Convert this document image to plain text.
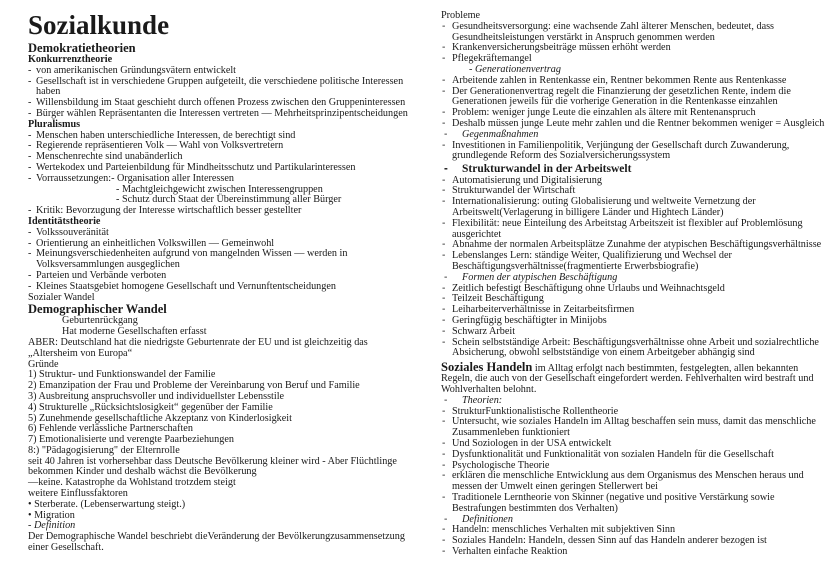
Sozialkunde
Demokratietheorien
Konkurrenztheorie
- von amerikanischen Gründungsvätern entwickelt
- Gesellschaft ist in verschiedene Gruppen aufgeteilt, die verschiedene politische Interessen
haben
- Willensbildung im Staat geschieht durch offenen Prozess zwischen den Gruppeninteressen
- Bürger wählen Repräsentanten die Interessen vertreten — Mehrheitsprinzipentscheidungen
Pluralismus
- Menschen haben unterschiedliche Interessen, de berechtigt sind
- Regierende repräsentieren Volk — Wahl von Volksvertretern
- Menschenrechte sind unabänderlich
- Wertekodex und Parteienbildung für Mindheitsschutz und Partikularinteressen
- Vorraussetzungen:- Organisation aller Interessen
- Machtgleichgewicht zwischen Interessengruppen
- Schutz durch Staat der Übereinstimmung aller Bürger
- Kritik: Bevorzugung der Interesse wirtschaftlich besser gestellter
Identitätstheorie
- Volkssouveränität
- Orientierung an einheitlichen Volkswillen — Gemeinwohl
- Meinungsverschiedenheiten aufgrund von mangelnden Wissen — werden in
Volksversammlungen ausgeglichen
- Parteien und Verbände verboten
- Kleines Staatsgebiet homogene Gesellschaft und Vernunftentscheidungen
Sozialer Wandel
Demographischer Wandel
Geburtenrückgang
Hat moderne Gesellschaften erfasst
ABER: Deutschland hat die niedrigste Geburtenrate der EU und ist gleichzeitig das
„Altersheim von Europa“
Gründe
1) Struktur- und Funktionswandel der Familie
2) Emanzipation der Frau und Probleme der Vereinbarung von Beruf und Familie
3) Ausbreitung anspruchsvoller und individuellster Lebensstile
4) Strukturelle „Rücksichtslosigkeit“ gegenüber der Familie
5) Zunehmende gesellschaftliche Akzeptanz von Kinderlosigkeit
6) Fehlende verlässliche Partnerschaften
7) Emotionalisierte und verengte Paarbeziehungen
8:) "Pädagogisierung" der Elternrolle
seit 40 Jahren ist vorhersehbar dass Deutsche Bevölkerung kleiner wird - Aber Flüchtlinge
bekommen Kinder und deshalb wächst die Bevölkerung
—keine. Katastrophe da Wohlstand trotzdem steigt
weitere Einflussfaktoren
• Sterberate. (Lebenserwartung steigt.)
• Migration
- Definition
Der Demographische Wandel beschriebt dieVeränderung der Bevölkerungzusammensetzung
einer Gesellschaft.
Probleme
- Gesundheitsversorgung: eine wachsende Zahl älterer Menschen, bedeutet, dass
Gesundheitsleistungen verstärkt in Anspruch genommen werden
- Krankenversicherungsbeiträge müssen erhöht werden
- Pflegekräftemangel
- Generationenvertrag
- Arbeitende zahlen in Rentenkasse ein, Rentner bekommen Rente aus Rentenkasse
- Der Generationenvertrag regelt die Finanzierung der gesetzlichen Rente, indem die
Generationen jeweils für die vorherige Generation in die Rentenkasse einzahlen
- Problem: weniger junge Leute die einzahlen als ältere mit Rentenanspruch
- Deshalb müssen junge Leute mehr zahlen und die Rentner bekommen weniger = Ausgleich
- Gegenmaßnahmen
- Investitionen in Familienpolitik, Verjüngung der Gesellschaft durch Zuwanderung,
grundlegende Reform des Sozialversicherungssystem
- Strukturwandel in der Arbeitswelt
- Automatisierung und Digitalisierung
- Strukturwandel der Wirtschaft
- Internationalisierung: outing Globalisierung und weltweite Vernetzung der
Arbeitswelt(Verlagerung in billigere Länder und Hightech Länder)
- Flexibilität: neue Einteilung des Arbeitstag Arbeitszeit ist flexibler auf Problemlösung
ausgerichtet
- Abnahme der normalen Arbeitsplätze Zunahme der atypischen Beschäftigungsverhältnisse
- Lebenslanges Lern: ständige Weiter, Qualifizierung und Wechsel der
Beschäftigungsverhältnisse(fragmentierte Erwerbsbiografie)
- Formen der atypischen Beschäftigung
- Zeitlich befestigt Beschäftigung ohne Urlaubs und Weihnachtsgeld
- Teilzeit Beschäftigung
- Leiharbeiterverhältnisse in Zeitarbeitsfirmen
- Geringfügig beschäftigter in Minijobs
- Schwarz Arbeit
- Schein selbstständige Arbeit: Beschäftigungsverhältnisse ohne Arbeit und sozialrechtliche
Absicherung, obwohl selbstständige von einem Arbeitgeber abhängig sind
Soziales Handeln im Alltag erfolgt nach bestimmten, festgelegten, allen bekannten
Regeln, die auch von der Gesellschaft eingefordert werden. Fehlverhalten wird bestraft und
Wohlverhalten belohnt.
- Theorien:
- StrukturFunktionalistische Rollentheorie
- Untersucht, wie soziales Handeln im Alltag beschaffen sein muss, damit das menschliche
Zusammenleben funktioniert
- Und Soziologen in der USA entwickelt
- Dysfunktionalität und Funktionalität von sozialen Handeln für die Gesellschaft
- Psychologische Theorie
- erklären die menschliche Entwicklung aus dem Organismus des Menschen heraus und
messen der Umwelt einen geringen Stellerwert bei
- Traditionele Lerntheorie von Skinner (negative und positive Verstärkung sowie
Bestrafungen bestimmten dos Verhalten)
- Definitionen
- Handeln: menschliches Verhalten mit subjektiven Sinn
- Soziales Handeln: Handeln, dessen Sinn auf das Handeln anderer bezogen ist
- Verhalten einfache Reaktion
